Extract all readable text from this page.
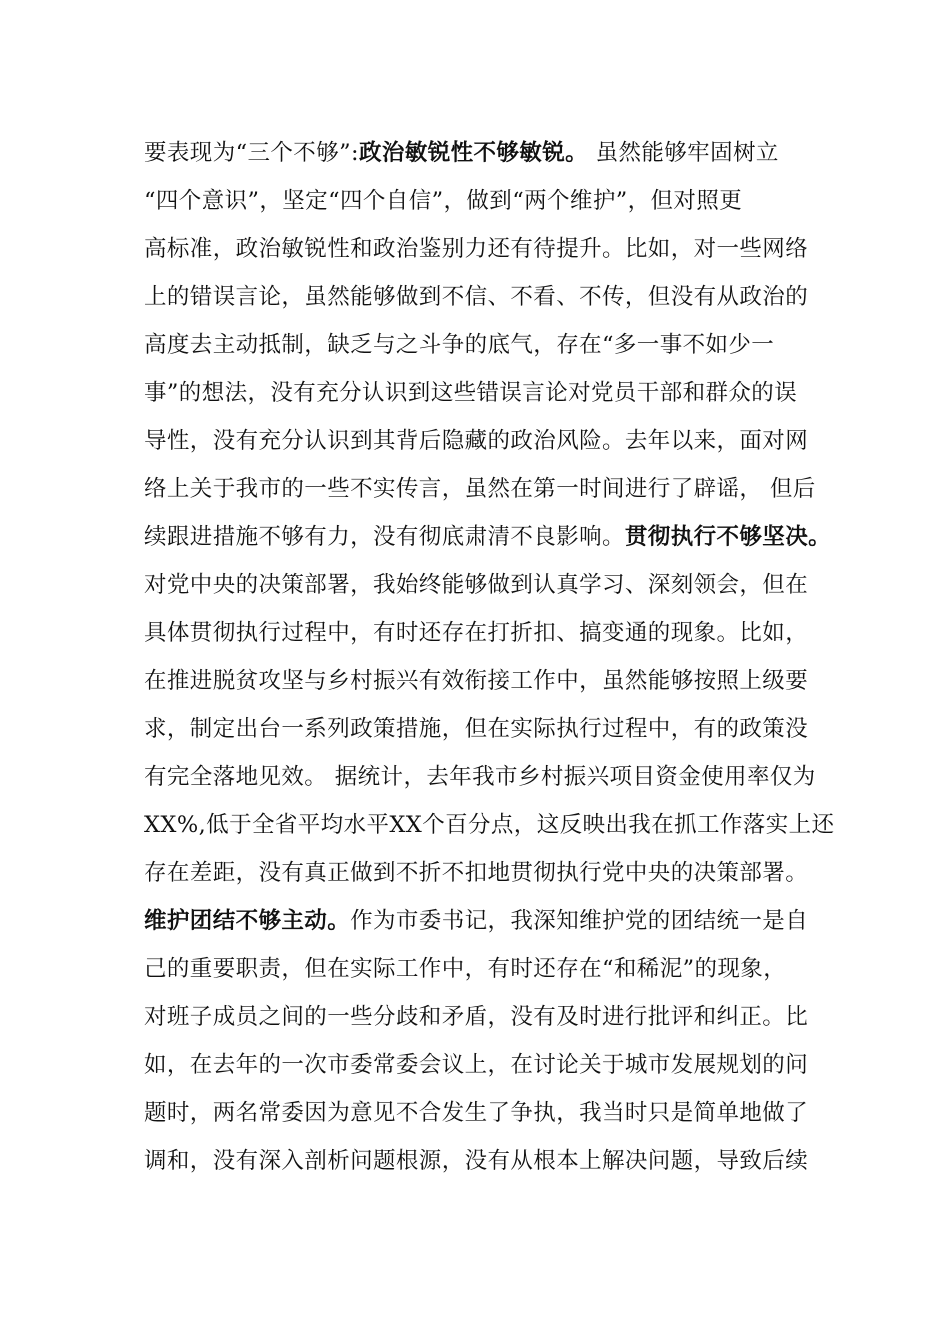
要表现为“三个不够”:政治敏锐性不够敏锐。 虽然能够牢固树立
“四个意识”，坚定“四个自信”，做到“两个维护”，但对照更
高标准，政治敏锐性和政治鉴别力还有待提升。比如，对一些网络
上的错误言论，虽然能够做到不信、不看、不传，但没有从政治的
高度去主动抵制，缺乏与之斗争的底气，存在“多一事不如少一
事”的想法，没有充分认识到这些错误言论对党员干部和群众的误
导性，没有充分认识到其背后隐藏的政治风险。去年以来，面对网
络上关于我市的一些不实传言，虽然在第一时间进行了辟谣， 但后
续跟进措施不够有力，没有彻底肃清不良影响。贯彻执行不够坚决。
对党中央的决策部署，我始终能够做到认真学习、深刻领会，但在
具体贯彻执行过程中，有时还存在打折扣、搞变通的现象。比如，
在推进脱贫攻坚与乡村振兴有效衔接工作中，虽然能够按照上级要
求，制定出台一系列政策措施，但在实际执行过程中，有的政策没
有完全落地见效。 据统计，去年我市乡村振兴项目资金使用率仅为
XX%,低于全省平均水平XX个百分点，这反映出我在抓工作落实上还
存在差距，没有真正做到不折不扣地贯彻执行党中央的决策部署。
维护团结不够主动。作为市委书记，我深知维护党的团结统一是自
己的重要职责，但在实际工作中，有时还存在“和稀泥”的现象，
对班子成员之间的一些分歧和矛盾，没有及时进行批评和纠正。比
如，在去年的一次市委常委会议上，在讨论关于城市发展规划的问
题时，两名常委因为意见不合发生了争执，我当时只是简单地做了
调和，没有深入剖析问题根源，没有从根本上解决问题，导致后续
